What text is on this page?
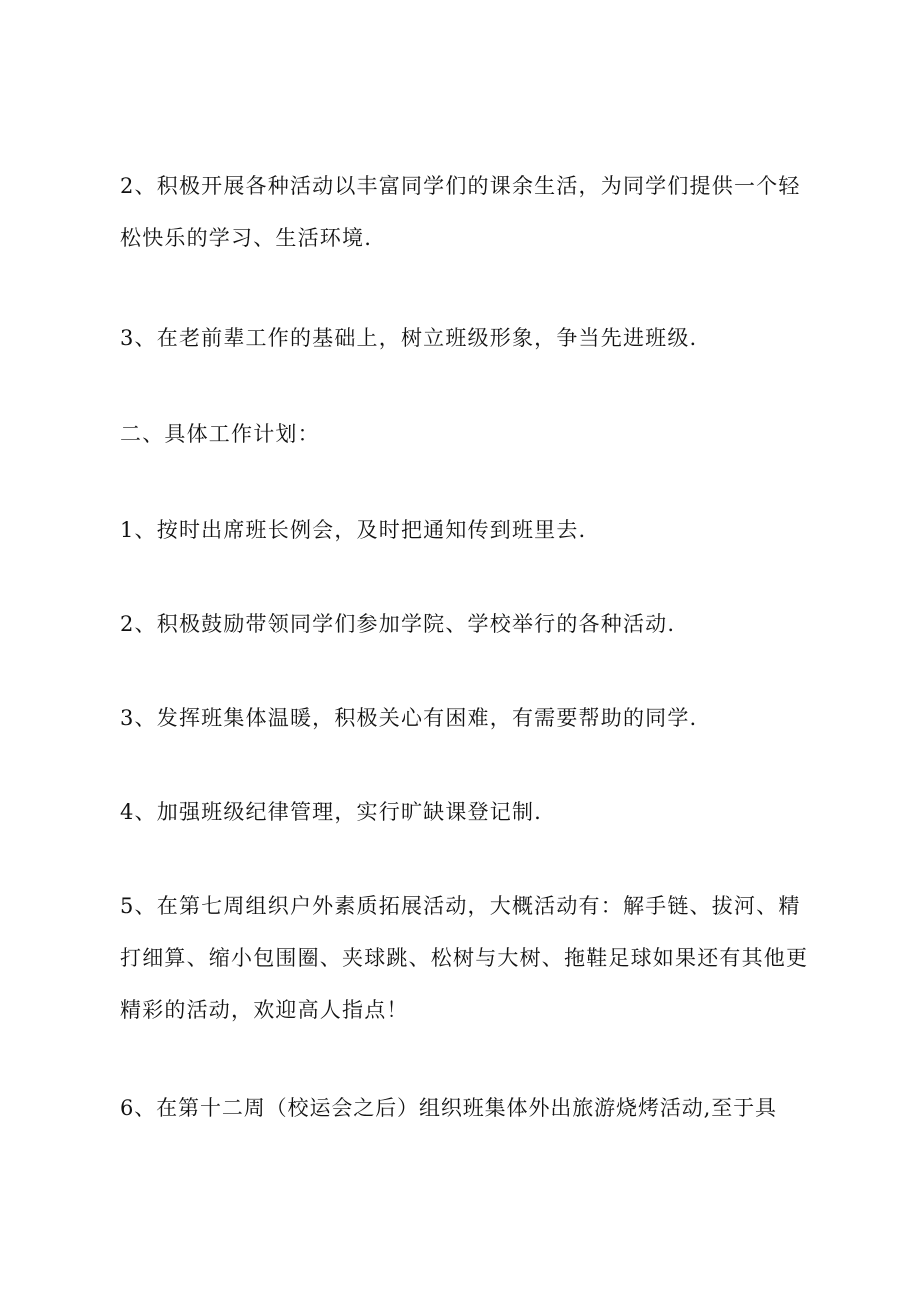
2、积极开展各种活动以丰富同学们的课余生活，为同学们提供一个轻松快乐的学习、生活环境.

3、在老前辈工作的基础上，树立班级形象，争当先进班级.

二、具体工作计划：

1、按时出席班长例会，及时把通知传到班里去.

2、积极鼓励带领同学们参加学院、学校举行的各种活动.

3、发挥班集体温暖，积极关心有困难，有需要帮助的同学.

4、加强班级纪律管理，实行旷缺课登记制.

5、在第七周组织户外素质拓展活动，大概活动有：解手链、拔河、精打细算、缩小包围圈、夹球跳、松树与大树、拖鞋足球如果还有其他更精彩的活动，欢迎高人指点！

6、在第十二周（校运会之后）组织班集体外出旅游烧烤活动,至于具
